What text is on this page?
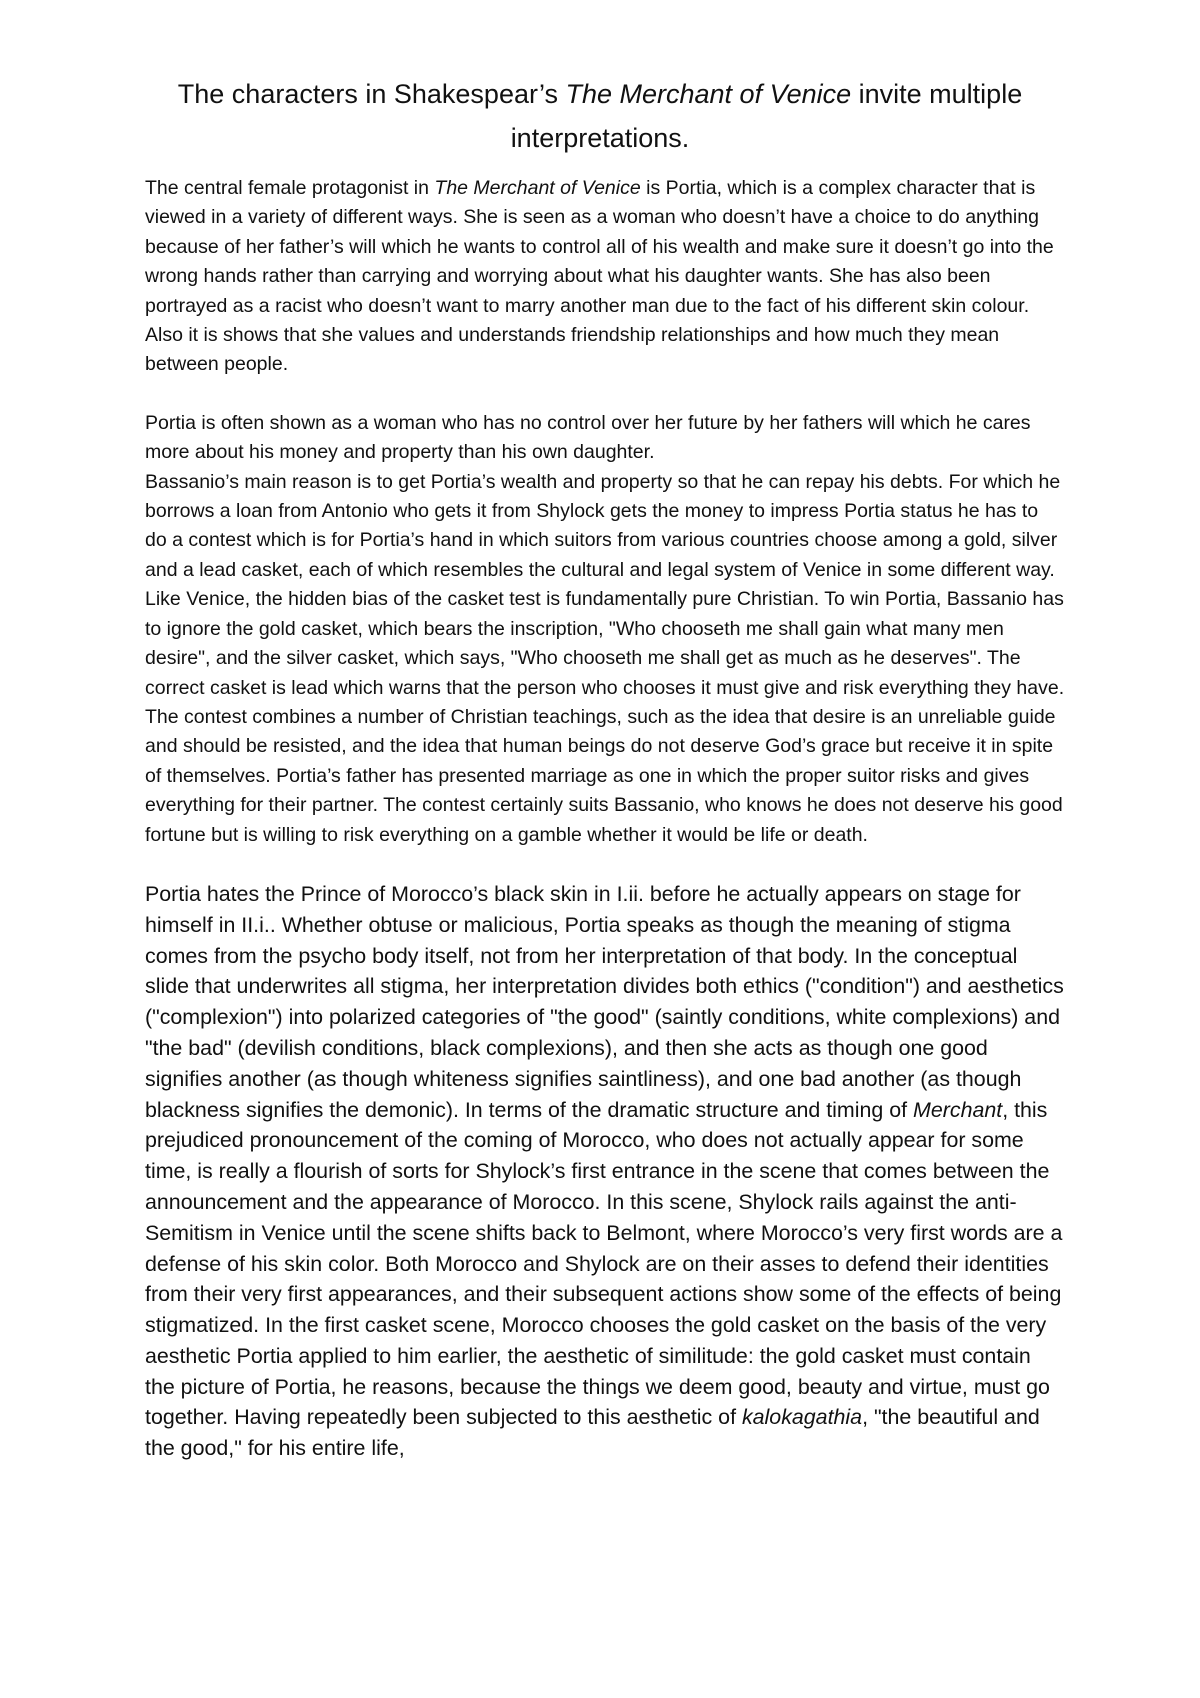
The characters in Shakespear’s The Merchant of Venice invite multiple interpretations.

The central female protagonist in The Merchant of Venice is Portia, which is a complex character that is viewed in a variety of different ways. She is seen as a woman who doesn’t have a choice to do anything because of her father’s will which he wants to control all of his wealth and make sure it doesn’t go into the wrong hands rather than carrying and worrying about what his daughter wants. She has also been portrayed as a racist who doesn’t want to marry another man due to the fact of his different skin colour. Also it is shows that she values and understands friendship relationships and how much they mean between people.

Portia is often shown as a woman who has no control over her future by her fathers will which he cares more about his money and property than his own daughter.

Bassanio’s main reason is to get Portia’s wealth and property so that he can repay his debts. For which he borrows a loan from Antonio who gets it from Shylock gets the money to impress Portia status he has to do a contest which is for Portia’s hand in which suitors from various countries choose among a gold, silver and a lead casket, each of which resembles the cultural and legal system of Venice in some different way. Like Venice, the hidden bias of the casket test is fundamentally pure Christian. To win Portia, Bassanio has to ignore the gold casket, which bears the inscription, "Who chooseth me shall gain what many men desire", and the silver casket, which says, "Who chooseth me shall get as much as he deserves". The correct casket is lead which warns that the person who chooses it must give and risk everything they have. The contest combines a number of Christian teachings, such as the idea that desire is an unreliable guide and should be resisted, and the idea that human beings do not deserve God’s grace but receive it in spite of themselves. Portia’s father has presented marriage as one in which the proper suitor risks and gives everything for their partner. The contest certainly suits Bassanio, who knows he does not deserve his good fortune but is willing to risk everything on a gamble whether it would be life or death.

Portia hates the Prince of Morocco’s black skin in I.ii. before he actually appears on stage for himself in II.i.. Whether obtuse or malicious, Portia speaks as though the meaning of stigma comes from the psycho body itself, not from her interpretation of that body. In the conceptual slide that underwrites all stigma, her interpretation divides both ethics ("condition") and aesthetics ("complexion") into polarized categories of "the good" (saintly conditions, white complexions) and "the bad" (devilish conditions, black complexions), and then she acts as though one good signifies another (as though whiteness signifies saintliness), and one bad another (as though blackness signifies the demonic). In terms of the dramatic structure and timing of Merchant, this prejudiced pronouncement of the coming of Morocco, who does not actually appear for some time, is really a flourish of sorts for Shylock’s first entrance in the scene that comes between the announcement and the appearance of Morocco. In this scene, Shylock rails against the anti-Semitism in Venice until the scene shifts back to Belmont, where Morocco’s very first words are a defense of his skin color. Both Morocco and Shylock are on their asses to defend their identities from their very first appearances, and their subsequent actions show some of the effects of being stigmatized. In the first casket scene, Morocco chooses the gold casket on the basis of the very aesthetic Portia applied to him earlier, the aesthetic of similitude: the gold casket must contain the picture of Portia, he reasons, because the things we deem good, beauty and virtue, must go together. Having repeatedly been subjected to this aesthetic of kalokagathia, "the beautiful and the good," for his entire life,
